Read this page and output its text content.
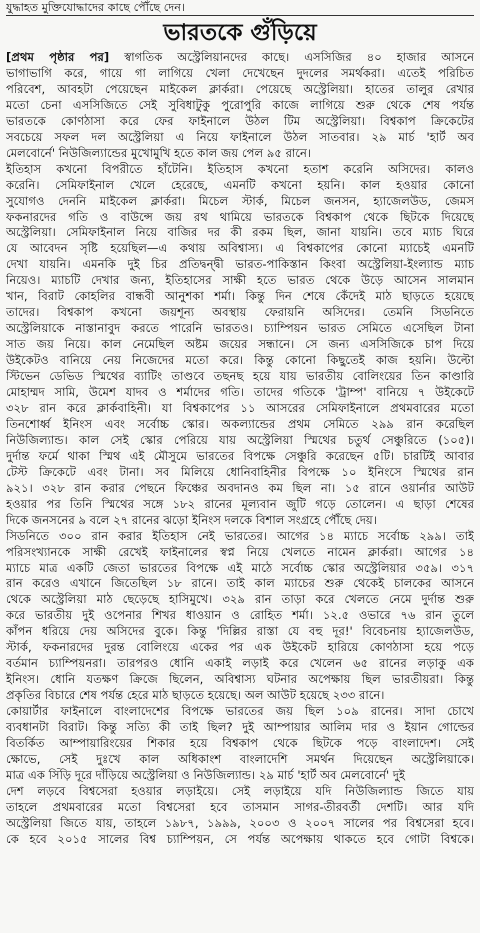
যুদ্ধাহত মুক্তিযোদ্ধাদের কাছে পৌঁছে দেন।
ভারতকে গুঁড়িয়ে
[প্রথম পৃষ্ঠার পর] স্বাগতিক অস্ট্রেলিয়ানদের কাছে। এসসিজির ৪০ হাজার আসনে
ভাগাভাগি করে, গায়ে গা লাগিয়ে খেলা দেখেছেন দুদলের সমর্থকরা। এতেই পরিচিত
পরিবেশ, আবহটা পেয়েছেন মাইকেল ক্লার্করা। পেয়েছে অস্ট্রেলিয়া। হাতের তালুর রেখার
মতো চেনা এসসিজিতে সেই সুবিধাটুকু পুরোপুরি কাজে লাগিয়ে শুরু থেকে শেষ পর্যন্ত
ভারতকে কোণঠাসা করে ফের ফাইনালে উঠল টিম অস্ট্রেলিয়া। বিশ্বকাপ ক্রিকেটের
সবচেয়ে সফল দল অস্ট্রেলিয়া এ নিয়ে ফাইনালে উঠল সাতবার। ২৯ মার্চ 'হার্ট অব
মেলবোর্নে' নিউজিল্যান্ডের মুখোমুখি হতে কাল জয় পেল ৯৫ রানে।
ইতিহাস কখনো বিপরীতে হাঁটেনি। ইতিহাস কখনো হতাশ করেনি অসিদের। কালও
করেনি। সেমিফাইনাল খেলে হেরেছে, এমনটি কখনো হয়নি। কাল হওয়ার কোনো
সুযোগও দেননি মাইকেল ক্লার্করা। মিচেল স্টার্ক, মিচেল জনসন, হ্যাজেলউড, জেমস
ফকনারদের গতি ও বাউন্সে জয় রথ থামিয়ে ভারতকে বিশ্বকাপ থেকে ছিটকে দিয়েছে
অস্ট্রেলিয়া। সেমিফাইনাল নিয়ে বাজির দর কী রকম ছিল, জানা যায়নি। তবে ম্যাচ ঘিরে
যে আবেদন সৃষ্টি হয়েছিল—এ কথায় অবিশ্বাস্য। এ বিশ্বকাপের কোনো ম্যাচেই এমনটি
দেখা যায়নি। এমনকি দুই চির প্রতিদ্বন্দ্বী ভারত-পাকিস্তান কিংবা অস্ট্রেলিয়া-ইংল্যান্ড ম্যাচ
নিয়েও। ম্যাচটি দেখার জন্য, ইতিহাসের সাক্ষী হতে ভারত থেকে উড়ে আসেন সালমান
খান, বিরাট কোহলির বান্ধবী আনুশকা শর্মা। কিন্তু দিন শেষে কেঁদেই মাঠ ছাড়তে হয়েছে
তাদের। বিশ্বকাপ কখনো জয়শূন্য অবস্থায় ফেরায়নি অসিদের। তেমনি সিডনিতে
অস্ট্রেলিয়াকে নাস্তানাবুদ করতে পারেনি ভারতও। চ্যাম্পিয়ন ভারত সেমিতে এসেছিল টানা
সাত জয় নিয়ে। কাল নেমেছিল অষ্টম জয়ের সন্ধানে। সে জন্য এসসিজিকে চাপ দিয়ে
উইকেটও বানিয়ে নেয় নিজেদের মতো করে। কিন্তু কোনো কিছুতেই কাজ হয়নি। উল্টো
স্টিভেন ডেভিড স্মিথের ব্যাটিং তাণ্ডবে তছনছ হয়ে যায় ভারতীয় বোলিংয়ের তিন কাণ্ডারি
মোহাম্মদ সামি, উমেশ যাদব ও শর্মাদের গতি। তাদের গতিকে 'ট্রাম্প' বানিয়ে ৭ উইকেটে
৩২৮ রান করে ক্লার্কবাহিনী। যা বিশ্বকাপের ১১ আসরের সেমিফাইনালে প্রথমবারের মতো
তিনশোর্ধ্ব ইনিংস এবং সর্বোচ্চ স্কোর। অকল্যান্ডের প্রথম সেমিতে ২৯৯ রান করেছিল
নিউজিল্যান্ড। কাল সেই স্কোর পেরিয়ে যায় অস্ট্রেলিয়া স্মিথের চতুর্থ সেঞ্চুরিতে (১০৫)।
দুর্দান্ত ফর্মে থাকা স্মিথ এই মৌসুমে ভারতের বিপক্ষে সেঞ্চুরি করেছেন ৫টি। চারটিই আবার
টেস্ট ক্রিকেটে এবং টানা। সব মিলিয়ে ধোনিবাহিনীর বিপক্ষে ১০ ইনিংসে স্মিথের রান
৯২১। ৩২৮ রান করার পেছনে ফিঞ্চের অবদানও কম ছিল না। ১৫ রানে ওয়ার্নার আউট
হওয়ার পর তিনি স্মিথের সঙ্গে ১৮২ রানের মূল্যবান জুটি গড়ে তোলেন। এ ছাড়া শেষের
দিকে জনসনের ৯ বলে ২৭ রানের ঝড়ো ইনিংস দলকে বিশাল সংগ্রহে পৌঁছে দেয়।
সিডনিতে ৩০০ রান করার ইতিহাস নেই ভারতের। আগের ১৪ ম্যাচে সর্বোচ্চ ২৯৯। তাই
পরিসংখ্যানকে সাক্ষী রেখেই ফাইনালের স্বপ্ন নিয়ে খেলতে নামেন ক্লার্করা। আগের ১৪
ম্যাচে মাত্র একটি জেতা ভারতের বিপক্ষে এই মাঠে সর্বোচ্চ স্কোর অস্ট্রেলিয়ার ৩৫৯। ৩১৭
রান করেও এখানে জিতেছিল ১৮ রানে। তাই কাল ম্যাচের শুরু থেকেই চালকের আসনে
থেকে অস্ট্রেলিয়া মাঠ ছেড়েছে হাসিমুখে। ৩২৯ রান তাড়া করে খেলতে নেমে দুর্দান্ত শুরু
করে ভারতীয় দুই ওপেনার শিখর ধাওয়ান ও রোহিত শর্মা। ১২.৫ ওভারে ৭৬ রান তুলে
কাঁপন ধরিয়ে দেয় অসিদের বুকে। কিন্তু 'দিল্লির রাস্তা যে বহু দূর!' বিবেচনায় হ্যাজেলউড,
স্টার্ক, ফকনারদের দুরন্ত বোলিংয়ে একের পর এক উইকেট হারিয়ে কোণঠাসা হয়ে পড়ে
বর্তমান চ্যাম্পিয়নরা। তারপরও ধোনি একাই লড়াই করে খেলেন ৬৫ রানের লড়াকু এক
ইনিংস। ধোনি যতক্ষণ ক্রিজে ছিলেন, অবিশ্বাস্য ঘটনার অপেক্ষায় ছিল ভারতীয়রা। কিন্তু
প্রকৃতির বিচারে শেষ পর্যন্ত হেরে মাঠ ছাড়তে হয়েছে। অল আউট হয়েছে ২৩৩ রানে।
কোয়ার্টার ফাইনালে বাংলাদেশের বিপক্ষে ভারতের জয় ছিল ১০৯ রানের। সাদা চোখে
ব্যবধানটা বিরাট। কিন্তু সত্যি কী তাই ছিল? দুই আম্পায়ার আলিম দার ও ইয়ান গোল্ডের
বিতর্কিত আম্পায়ারিংয়ের শিকার হয়ে বিশ্বকাপ থেকে ছিটকে পড়ে বাংলাদেশ। সেই
ক্ষোভে, সেই দুঃখে কাল অধিকাংশ বাংলাদেশি সমর্থন দিয়েছেন অস্ট্রেলিয়াকে।
মাত্র এক সিঁড়ি দূরে দাঁড়িয়ে অস্ট্রেলিয়া ও নিউজিল্যান্ড। ২৯ মার্চ 'হার্ট অব মেলবোর্নে' দুই
দেশ লড়বে বিশ্বসেরা হওয়ার লড়াইয়ে। সেই লড়াইয়ে যদি নিউজিল্যান্ড জিতে যায়
তাহলে প্রথমবারের মতো বিশ্বসেরা হবে তাসমান সাগর-তীরবর্তী দেশটি। আর যদি
অস্ট্রেলিয়া জিতে যায়, তাহলে ১৯৮৭, ১৯৯৯, ২০০৩ ও ২০০৭ সালের পর বিশ্বসেরা হবে।
কে হবে ২০১৫ সালের বিশ্ব চ্যাম্পিয়ন, সে পর্যন্ত অপেক্ষায় থাকতে হবে গোটা বিশ্বকে।
